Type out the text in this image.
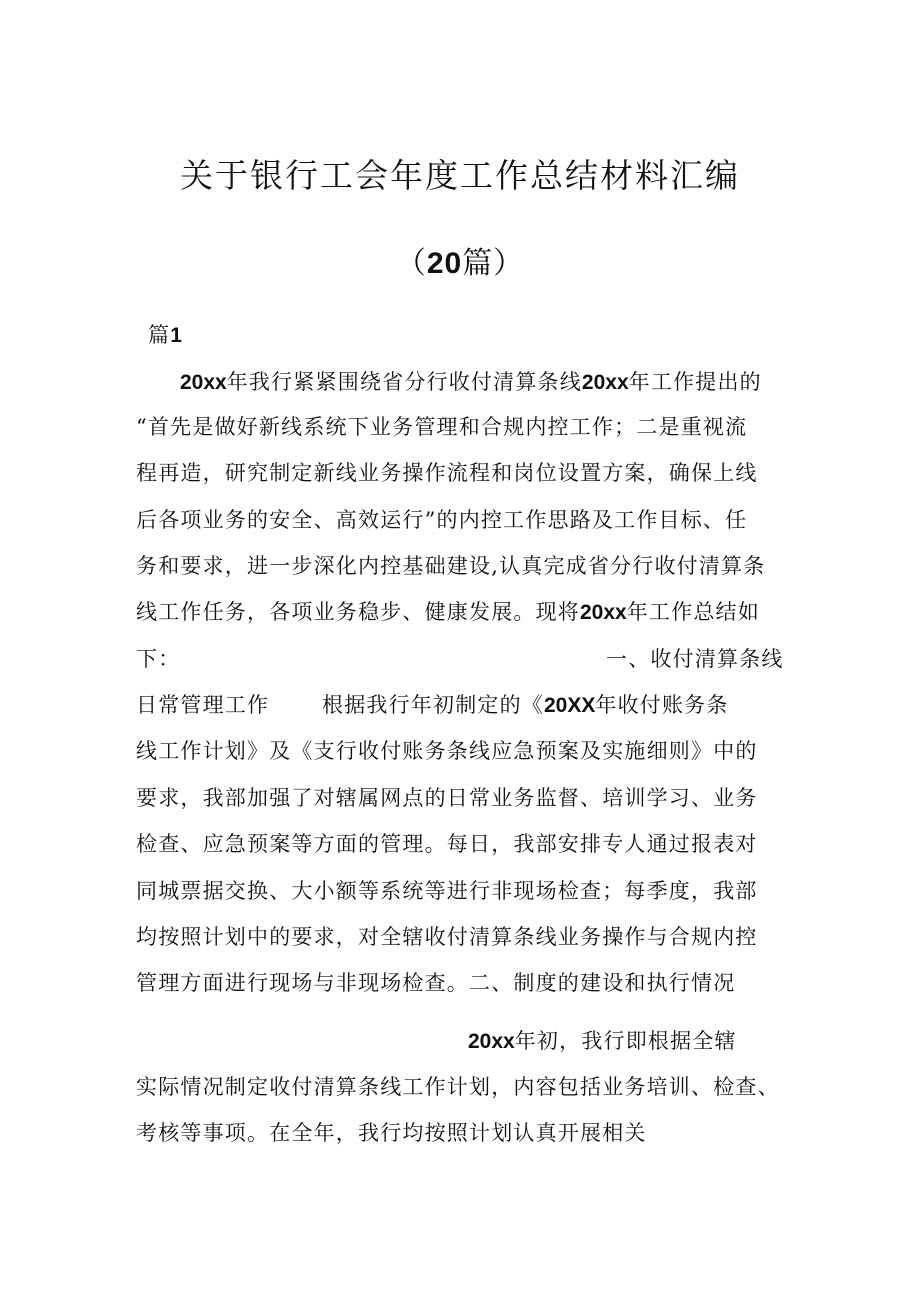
关于银行工会年度工作总结材料汇编
（20篇）
篇1
20xx年我行紧紧围绕省分行收付清算条线20xx年工作提出的
“首先是做好新线系统下业务管理和合规内控工作；二是重视流
程再造，研究制定新线业务操作流程和岗位设置方案，确保上线
后各项业务的安全、高效运行”的内控工作思路及工作目标、任
务和要求，进一步深化内控基础建设,认真完成省分行收付清算条
线工作任务，各项业务稳步、健康发展。现将20xx年工作总结如
下：	一、收付清算条线
日常管理工作	根据我行年初制定的《20XX年收付账务条
线工作计划》及《支行收付账务条线应急预案及实施细则》中的
要求，我部加强了对辖属网点的日常业务监督、培训学习、业务
检查、应急预案等方面的管理。每日，我部安排专人通过报表对
同城票据交换、大小额等系统等进行非现场检查；每季度，我部
均按照计划中的要求，对全辖收付清算条线业务操作与合规内控
管理方面进行现场与非现场检查。二、制度的建设和执行情况
20xx年初，我行即根据全辖
实际情况制定收付清算条线工作计划，内容包括业务培训、检查、
考核等事项。在全年，我行均按照计划认真开展相关
